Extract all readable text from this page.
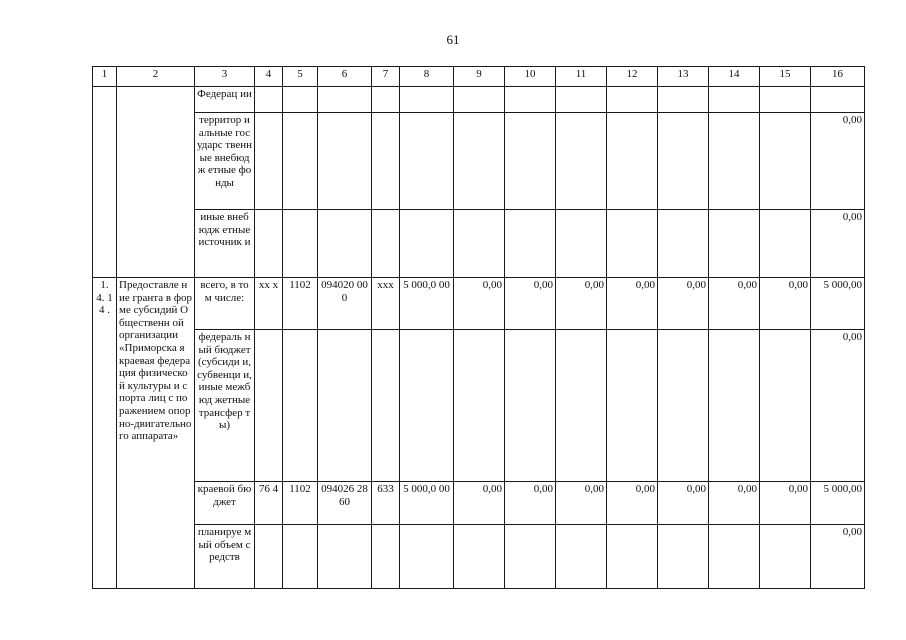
61
1	2	3	4	5	6	7	8	9	10	11	12	13	14	15	16
		Федерац ии													
		территор иальные государс твенные внебюдж етные фонды													0,00
		иные внебюдж етные источник и													0,00
1. 4. 14 .	Предоставле ние гранта в форме субсидий Общественн ой организации «Приморска я краевая федерация физической культуры и спорта лиц с поражением опорно-двигательно го аппарата»	всего, в том числе:	xx x	1102	094020 000	xxx	5 000,0 00	0,00	0,00	0,00	0,00	0,00	0,00	0,00	5 000,00
		федераль ный бюджет (субсиди и, субвенци и, иные межбюд жетные трансфер ты)													0,00
		краевой бюджет	76 4	1102	094026 2860	633	5 000,0 00	0,00	0,00	0,00	0,00	0,00	0,00	0,00	5 000,00
		планируе мый объем средств													0,00
